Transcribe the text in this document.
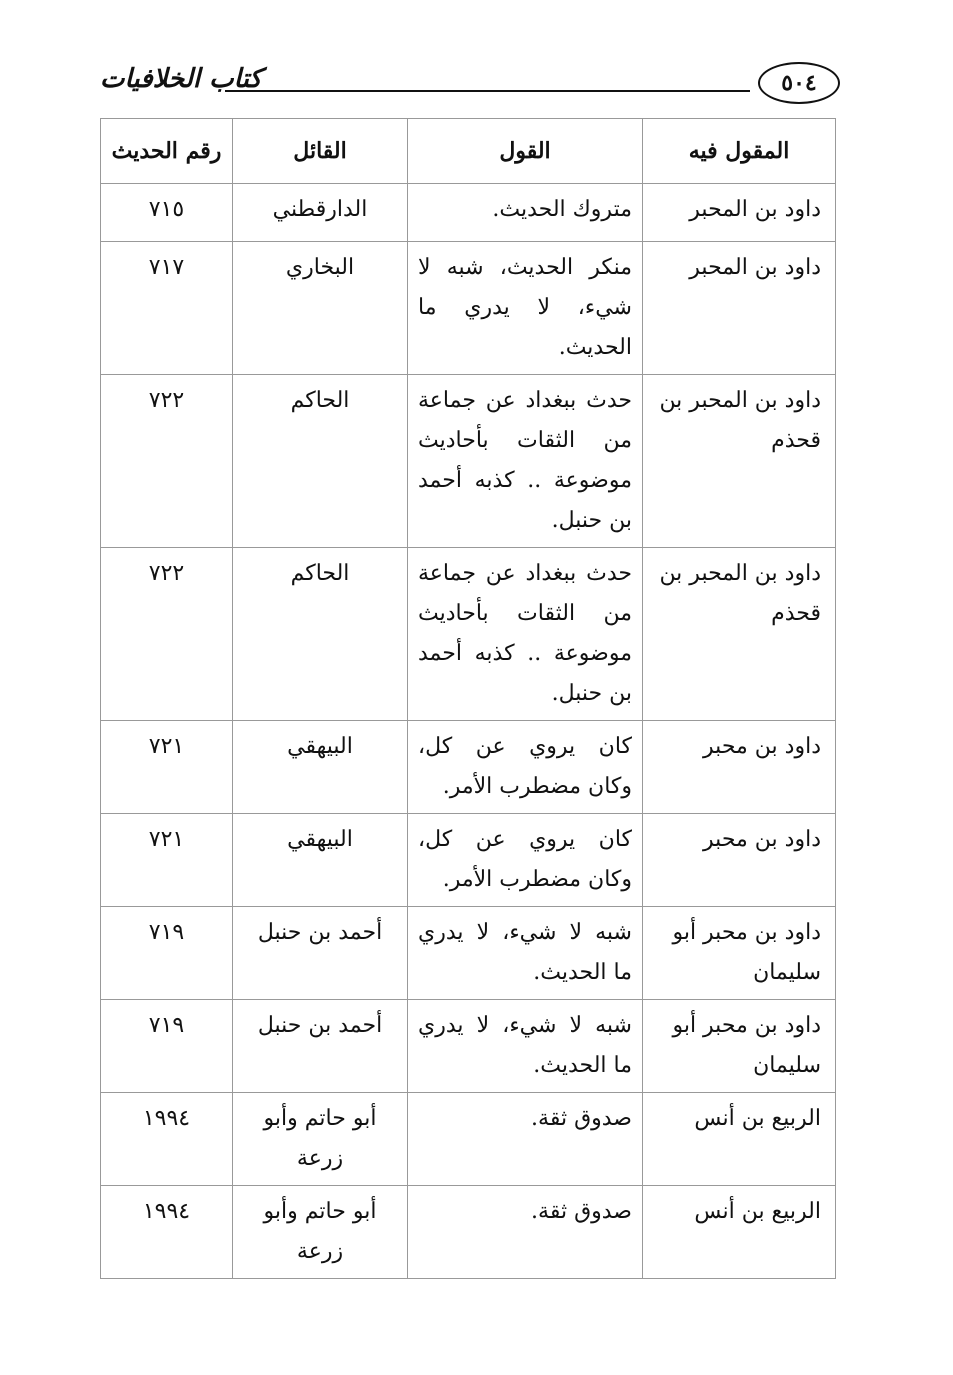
٥٠٤
كتاب الخلافيات
المقول فيه	القول	القائل	رقم الحديث
داود بن المحبر	متروك الحديث.	الدارقطني	٧١٥
داود بن المحبر	منكر الحديث، شبه لا شيء، لا يدري ما الحديث.	البخاري	٧١٧
داود بن المحبر بن قحذم	حدث ببغداد عن جماعة من الثقات بأحاديث موضوعة .. كذبه أحمد بن حنبل.	الحاكم	٧٢٢
داود بن المحبر بن قحذم	حدث ببغداد عن جماعة من الثقات بأحاديث موضوعة .. كذبه أحمد بن حنبل.	الحاكم	٧٢٢
داود بن محبر	كان يروي عن كل، وكان مضطرب الأمر.	البيهقي	٧٢١
داود بن محبر	كان يروي عن كل، وكان مضطرب الأمر.	البيهقي	٧٢١
داود بن محبر أبو سليمان	شبه لا شيء، لا يدري ما الحديث.	أحمد بن حنبل	٧١٩
داود بن محبر أبو سليمان	شبه لا شيء، لا يدري ما الحديث.	أحمد بن حنبل	٧١٩
الربيع بن أنس	صدوق ثقة.	أبو حاتم وأبو زرعة	١٩٩٤
الربيع بن أنس	صدوق ثقة.	أبو حاتم وأبو زرعة	١٩٩٤
